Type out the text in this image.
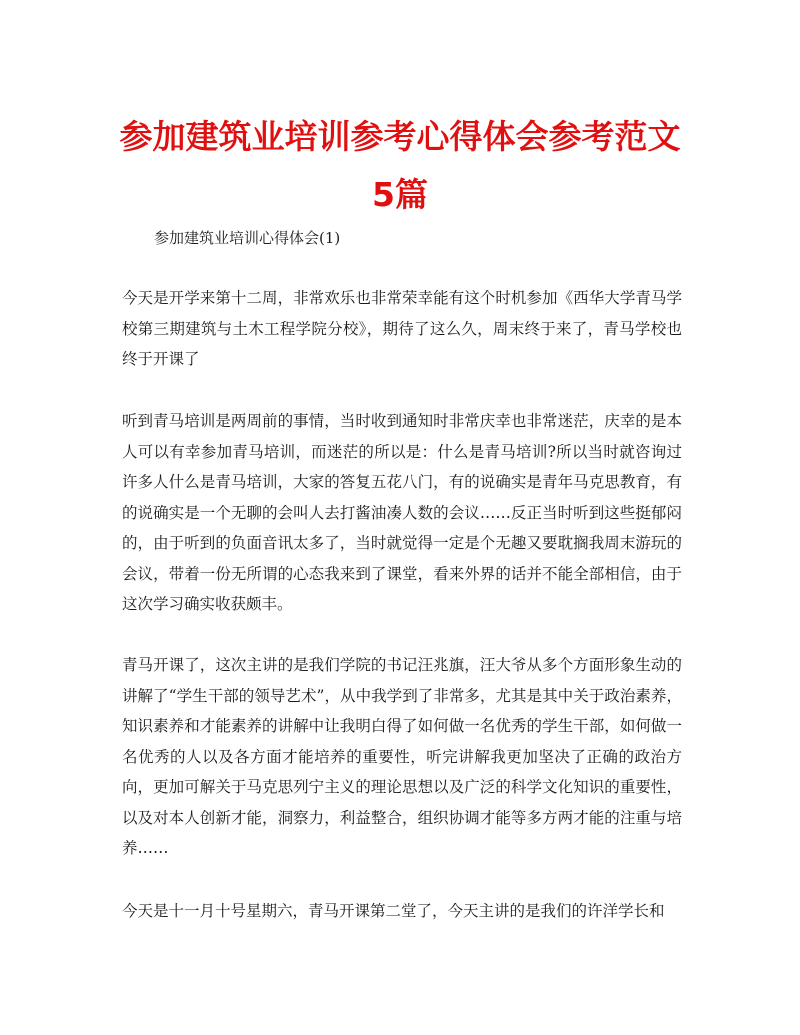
参加建筑业培训参考心得体会参考范文5篇

参加建筑业培训心得体会(1)

今天是开学来第十二周，非常欢乐也非常荣幸能有这个时机参加《西华大学青马学校第三期建筑与土木工程学院分校》，期待了这么久，周末终于来了，青马学校也终于开课了

听到青马培训是两周前的事情，当时收到通知时非常庆幸也非常迷茫，庆幸的是本人可以有幸参加青马培训，而迷茫的所以是：什么是青马培训?所以当时就咨询过许多人什么是青马培训，大家的答复五花八门，有的说确实是青年马克思教育，有的说确实是一个无聊的会叫人去打酱油凑人数的会议……反正当时听到这些挺郁闷的，由于听到的负面音讯太多了，当时就觉得一定是个无趣又要耽搁我周末游玩的会议，带着一份无所谓的心态我来到了课堂，看来外界的话并不能全部相信，由于这次学习确实收获颇丰。

青马开课了，这次主讲的是我们学院的书记汪兆旗，汪大爷从多个方面形象生动的讲解了“学生干部的领导艺术”，从中我学到了非常多，尤其是其中关于政治素养，知识素养和才能素养的讲解中让我明白得了如何做一名优秀的学生干部，如何做一名优秀的人以及各方面才能培养的重要性，听完讲解我更加坚决了正确的政治方向，更加可解关于马克思列宁主义的理论思想以及广泛的科学文化知识的重要性，以及对本人创新才能，洞察力，利益整合，组织协调才能等多方两才能的注重与培养……

今天是十一月十号星期六，青马开课第二堂了，今天主讲的是我们的许洋学长和
